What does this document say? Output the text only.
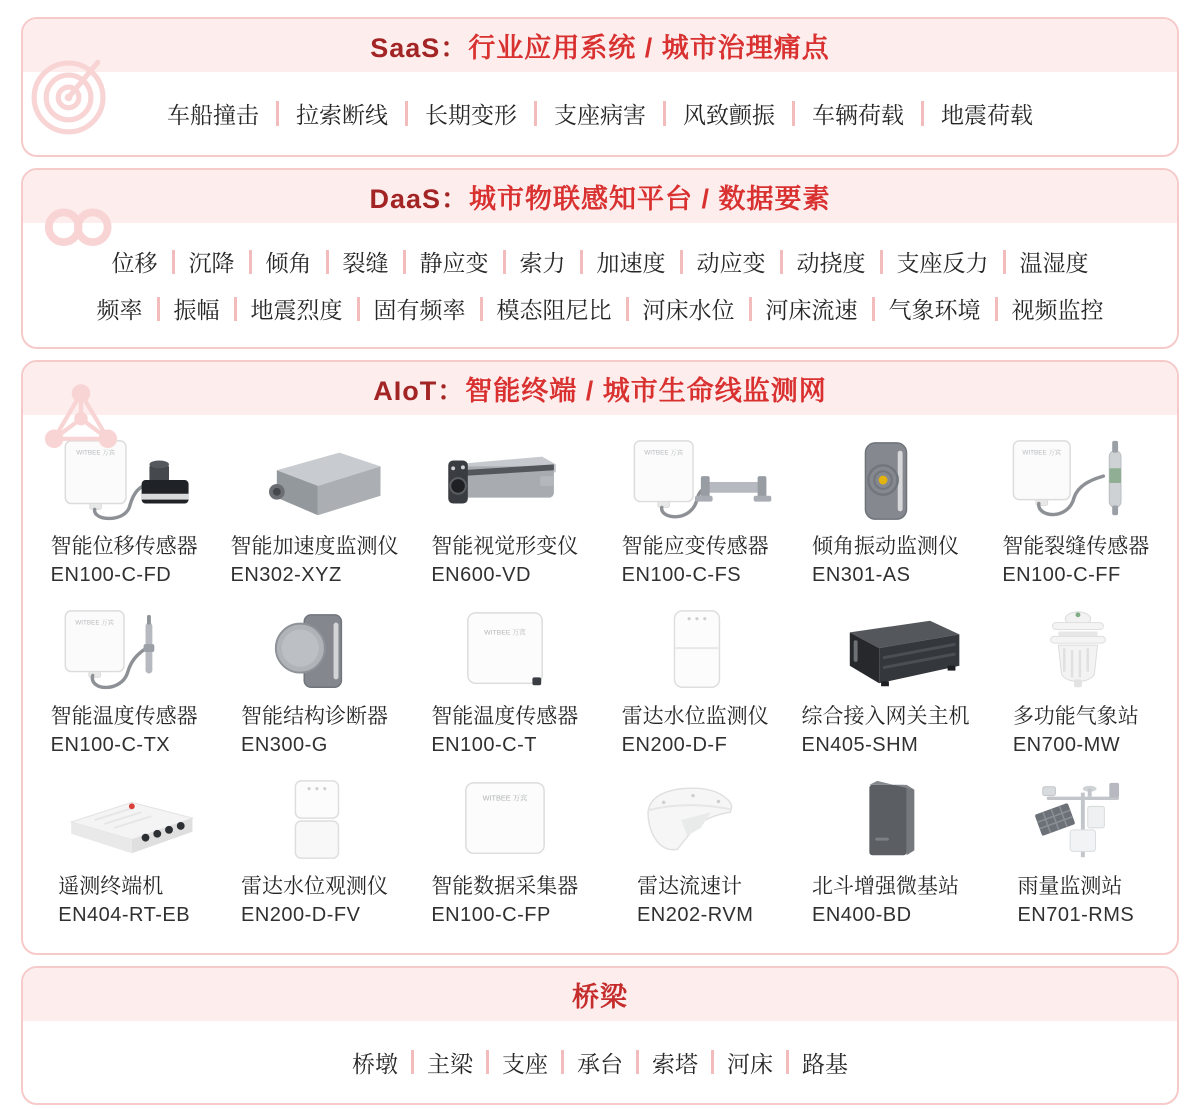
SaaS：行业应用系统 / 城市治理痛点
车船撞击 拉索断线 长期变形 支座病害 风致颤振 车辆荷载 地震荷载
DaaS：城市物联感知平台 / 数据要素
位移 沉降 倾角 裂缝 静应变 索力 加速度 动应变 动挠度 支座反力 温湿度
频率 振幅 地震烈度 固有频率 模态阻尼比 河床水位 河床流速 气象环境 视频监控
AIoT：智能终端 / 城市生命线监测网
WITBEE 万宾
智能位移传感器
EN100-C-FD
智能加速度监测仪
EN302-XYZ
智能视觉形变仪
EN600-VD
WITBEE 万宾
智能应变传感器
EN100-C-FS
倾角振动监测仪
EN301-AS
WITBEE 万宾
智能裂缝传感器
EN100-C-FF
WITBEE 万宾
智能温度传感器
EN100-C-TX
智能结构诊断器
EN300-G
WITBEE 万宾
智能温度传感器
EN100-C-T
雷达水位监测仪
EN200-D-F
综合接入网关主机
EN405-SHM
多功能气象站
EN700-MW
遥测终端机
EN404-RT-EB
雷达水位观测仪
EN200-D-FV
WITBEE 万宾
智能数据采集器
EN100-C-FP
雷达流速计
EN202-RVM
北斗增强微基站
EN400-BD
雨量监测站
EN701-RMS
桥梁
桥墩 主梁 支座 承台 索塔 河床 路基
